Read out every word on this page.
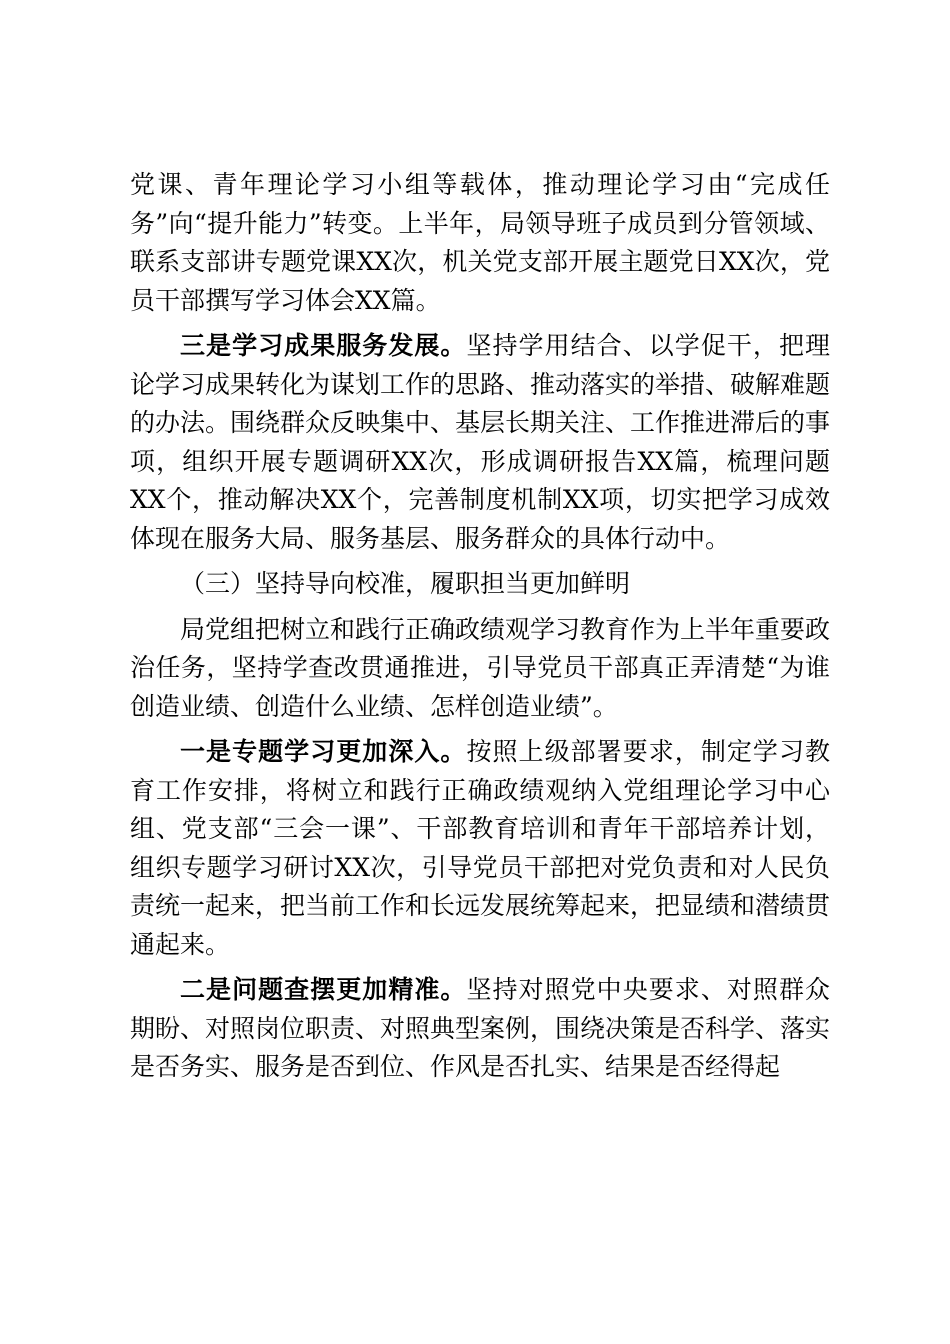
党课、青年理论学习小组等载体，推动理论学习由“完成任务”向“提升能力”转变。上半年，局领导班子成员到分管领域、联系支部讲专题党课XX次，机关党支部开展主题党日XX次，党员干部撰写学习体会XX篇。

三是学习成果服务发展。坚持学用结合、以学促干，把理论学习成果转化为谋划工作的思路、推动落实的举措、破解难题的办法。围绕群众反映集中、基层长期关注、工作推进滞后的事项，组织开展专题调研XX次，形成调研报告XX篇，梳理问题XX个，推动解决XX个，完善制度机制XX项，切实把学习成效体现在服务大局、服务基层、服务群众的具体行动中。

（三）坚持导向校准，履职担当更加鲜明

局党组把树立和践行正确政绩观学习教育作为上半年重要政治任务，坚持学查改贯通推进，引导党员干部真正弄清楚“为谁创造业绩、创造什么业绩、怎样创造业绩”。

一是专题学习更加深入。按照上级部署要求，制定学习教育工作安排，将树立和践行正确政绩观纳入党组理论学习中心组、党支部“三会一课”、干部教育培训和青年干部培养计划，组织专题学习研讨XX次，引导党员干部把对党负责和对人民负责统一起来，把当前工作和长远发展统筹起来，把显绩和潜绩贯通起来。

二是问题查摆更加精准。坚持对照党中央要求、对照群众期盼、对照岗位职责、对照典型案例，围绕决策是否科学、落实是否务实、服务是否到位、作风是否扎实、结果是否经得起
